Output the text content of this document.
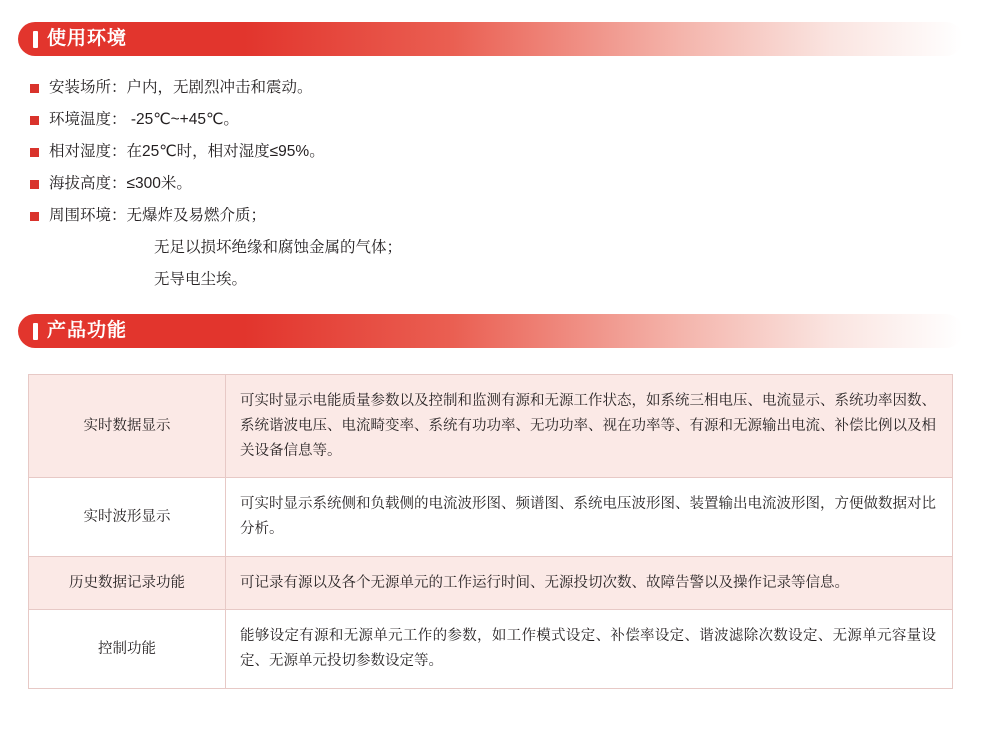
使用环境
安装场所： 户内，无剧烈冲击和震动。
环境温度： -25℃~+45℃。
相对湿度： 在25℃时，相对湿度≤95%。
海拔高度： ≤300米。
周围环境： 无爆炸及易燃介质；
无足以损坏绝缘和腐蚀金属的气体；
无导电尘埃。
产品功能
实时数据显示	可实时显示电能质量参数以及控制和监测有源和无源工作状态，如系统三相电压、电流显示、系统功率因数、系统谐波电压、电流畸变率、系统有功功率、无功功率、视在功率等、有源和无源输出电流、补偿比例以及相关设备信息等。
实时波形显示	可实时显示系统侧和负载侧的电流波形图、频谱图、系统电压波形图、装置输出电流波形图，方便做数据对比分析。
历史数据记录功能	可记录有源以及各个无源单元的工作运行时间、无源投切次数、故障告警以及操作记录等信息。
控制功能	能够设定有源和无源单元工作的参数，如工作模式设定、补偿率设定、谐波滤除次数设定、无源单元容量设定、无源单元投切参数设定等。
